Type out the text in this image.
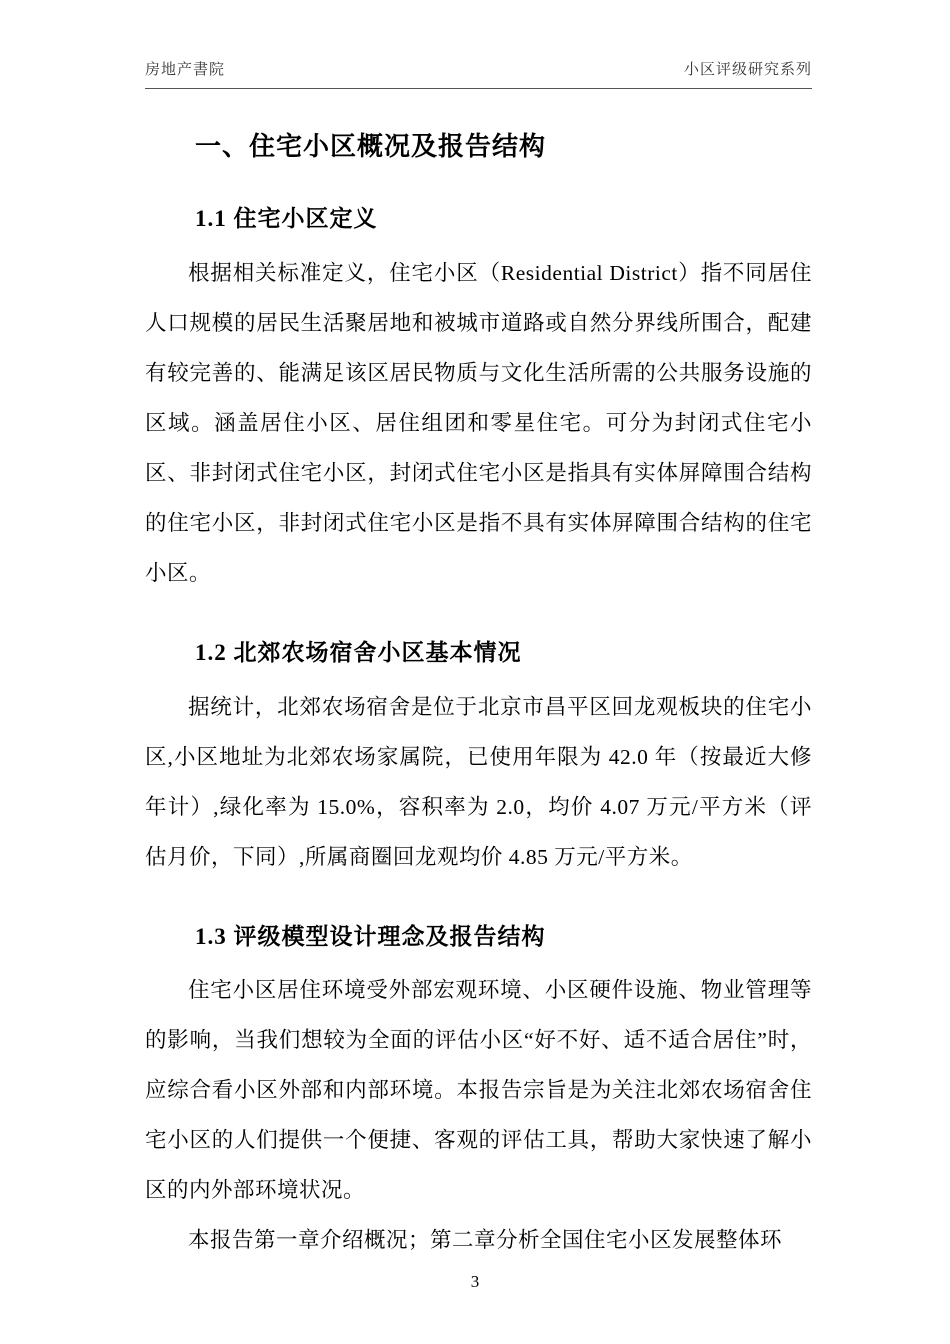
房地产書院	小区评级研究系列
一、住宅小区概况及报告结构
1.1 住宅小区定义

根据相关标准定义，住宅小区（Residential District）指不同居住人口规模的居民生活聚居地和被城市道路或自然分界线所围合，配建有较完善的、能满足该区居民物质与文化生活所需的公共服务设施的区域。涵盖居住小区、居住组团和零星住宅。可分为封闭式住宅小区、非封闭式住宅小区，封闭式住宅小区是指具有实体屏障围合结构的住宅小区，非封闭式住宅小区是指不具有实体屏障围合结构的住宅小区。

1.2 北郊农场宿舍小区基本情况

据统计，北郊农场宿舍是位于北京市昌平区回龙观板块的住宅小区,小区地址为北郊农场家属院，已使用年限为 42.0 年（按最近大修年计）,绿化率为 15.0%，容积率为 2.0，均价 4.07 万元/平方米（评估月价，下同）,所属商圈回龙观均价 4.85 万元/平方米。

1.3 评级模型设计理念及报告结构

住宅小区居住环境受外部宏观环境、小区硬件设施、物业管理等的影响，当我们想较为全面的评估小区“好不好、适不适合居住”时，应综合看小区外部和内部环境。本报告宗旨是为关注北郊农场宿舍住宅小区的人们提供一个便捷、客观的评估工具，帮助大家快速了解小区的内外部环境状况。

本报告第一章介绍概况；第二章分析全国住宅小区发展整体环

3
